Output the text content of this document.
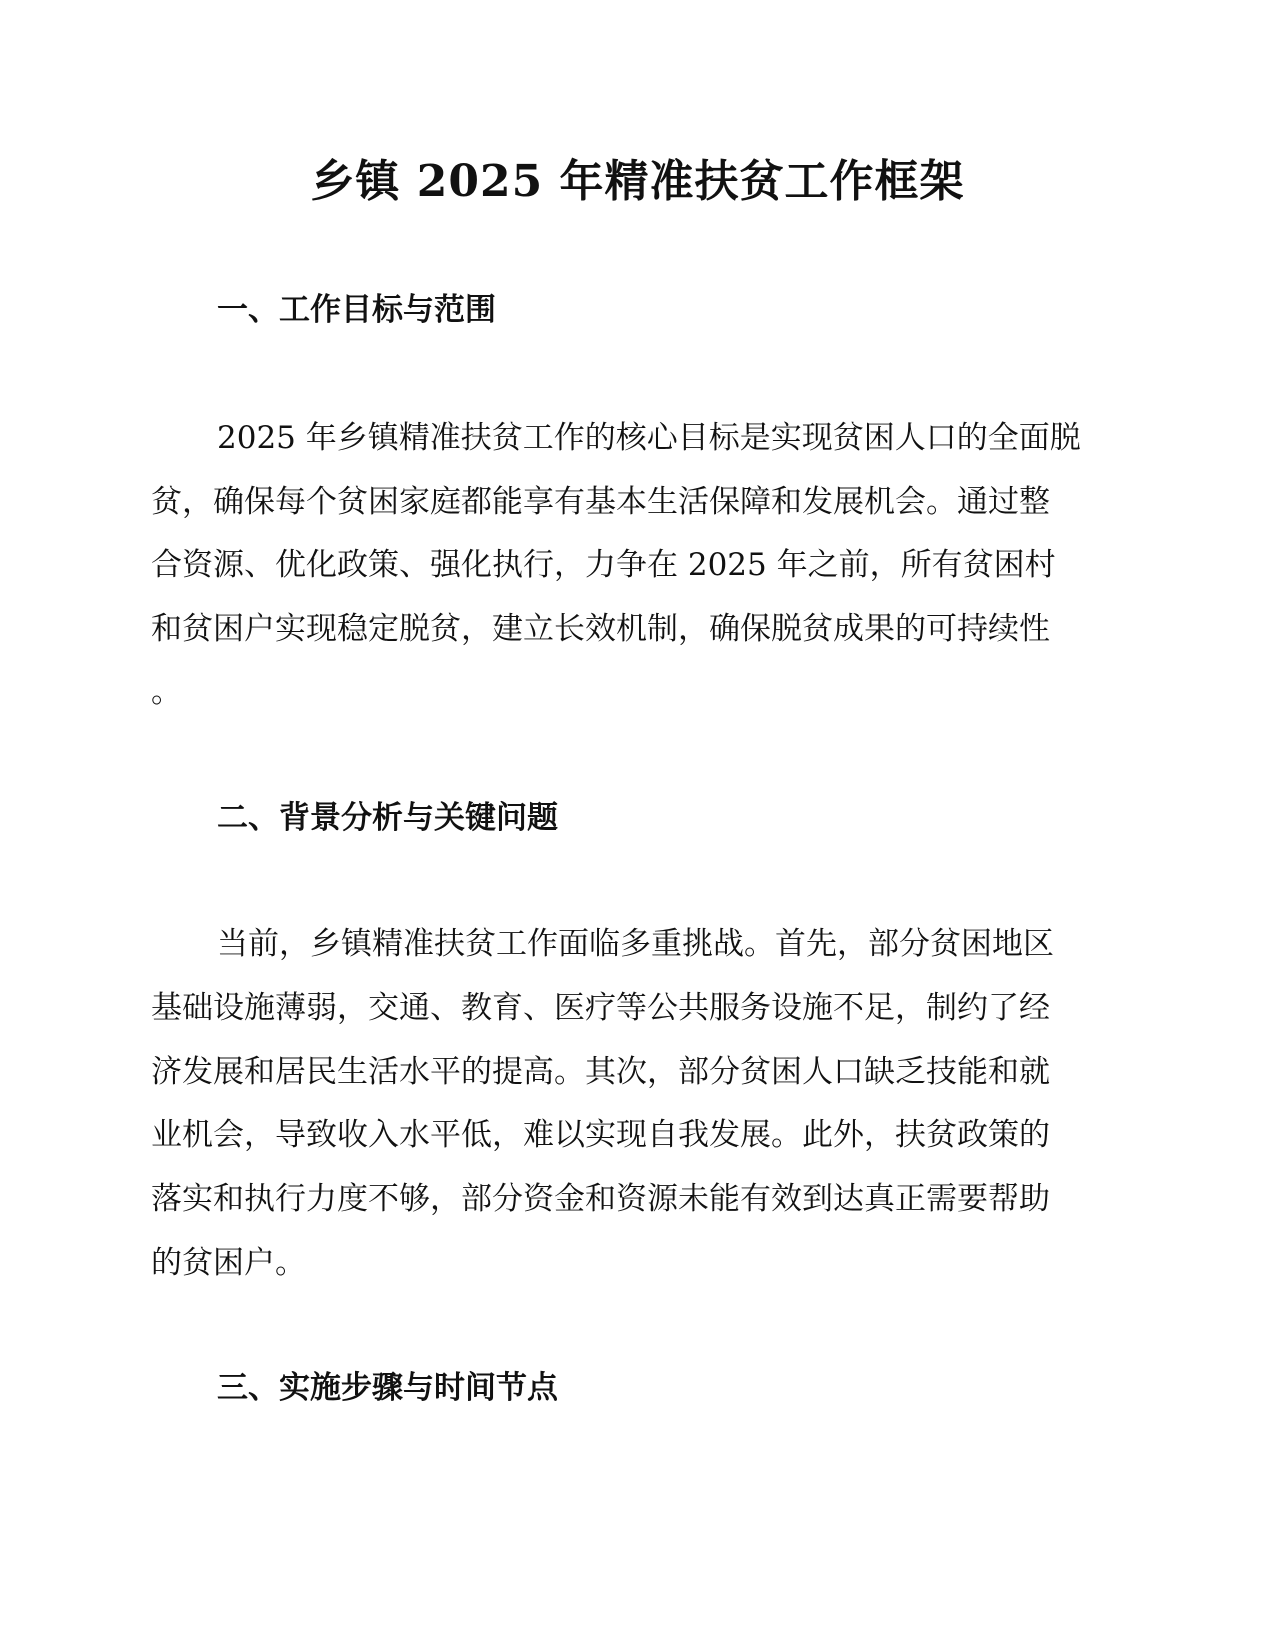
乡镇 2025 年精准扶贫工作框架
一、工作目标与范围
2025 年乡镇精准扶贫工作的核心目标是实现贫困人口的全面脱
贫，确保每个贫困家庭都能享有基本生活保障和发展机会。通过整
合资源、优化政策、强化执行，力争在 2025 年之前，所有贫困村
和贫困户实现稳定脱贫，建立长效机制，确保脱贫成果的可持续性
。
二、背景分析与关键问题
当前，乡镇精准扶贫工作面临多重挑战。首先，部分贫困地区
基础设施薄弱，交通、教育、医疗等公共服务设施不足，制约了经
济发展和居民生活水平的提高。其次，部分贫困人口缺乏技能和就
业机会，导致收入水平低，难以实现自我发展。此外，扶贫政策的
落实和执行力度不够，部分资金和资源未能有效到达真正需要帮助
的贫困户。
三、实施步骤与时间节点
